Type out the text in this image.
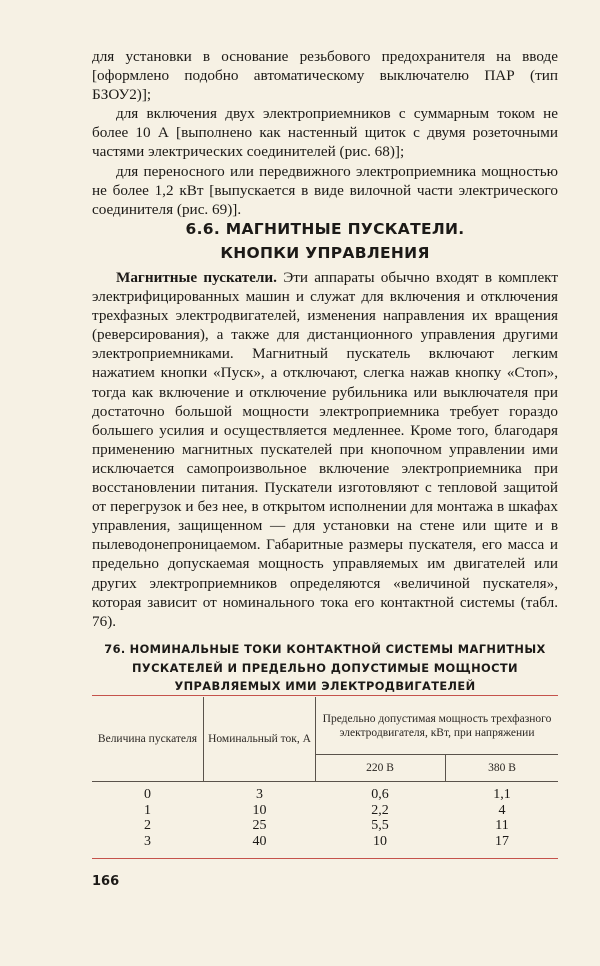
для установки в основание резьбового предохранителя на вводе [оформлено подобно автоматическому выключателю ПАР (тип БЗОУ2)];

для включения двух электроприемников с суммарным током не более 10 А [выполнено как настенный щиток с двумя розеточными частями электрических соединителей (рис. 68)];

для переносного или передвижного электроприемника мощностью не более 1,2 кВт [выпускается в виде вилочной части электрического соединителя (рис. 69)].

6.6. МАГНИТНЫЕ ПУСКАТЕЛИ.
КНОПКИ УПРАВЛЕНИЯ

Магнитные пускатели. Эти аппараты обычно входят в комплект электрифицированных машин и служат для включения и отключения трехфазных электродвигателей, изменения направления их вращения (реверсирования), а также для дистанционного управления другими электроприемниками. Магнитный пускатель включают легким нажатием кнопки «Пуск», а отключают, слегка нажав кнопку «Стоп», тогда как включение и отключение рубильника или выключателя при достаточно большой мощности электроприемника требует гораздо большего усилия и осуществляется медленнее. Кроме того, благодаря применению магнитных пускателей при кнопочном управлении ими исключается самопроизвольное включение электроприемника при восстановлении питания. Пускатели изготовляют с тепловой защитой от перегрузок и без нее, в открытом исполнении для монтажа в шкафах управления, защищенном — для установки на стене или щите и в пылеводонепроницаемом. Габаритные размеры пускателя, его масса и предельно допускаемая мощность управляемых им двигателей или других электроприемников определяются «величиной пускателя», которая зависит от номинального тока его контактной системы (табл. 76).

76. НОМИНАЛЬНЫЕ ТОКИ КОНТАКТНОЙ СИСТЕМЫ МАГНИТНЫХ
ПУСКАТЕЛЕЙ И ПРЕДЕЛЬНО ДОПУСТИМЫЕ МОЩНОСТИ
УПРАВЛЯЕМЫХ ИМИ ЭЛЕКТРОДВИГАТЕЛЕЙ
Величина пускателя Номинальный ток, А
Предельно допустимая мощность трехфазного электродвигателя, кВт, при напряжении
220 В	380 В
0
1
2
3
3
10
25
40
0,6
2,2
5,5
10
1,1
4
11
17
166
